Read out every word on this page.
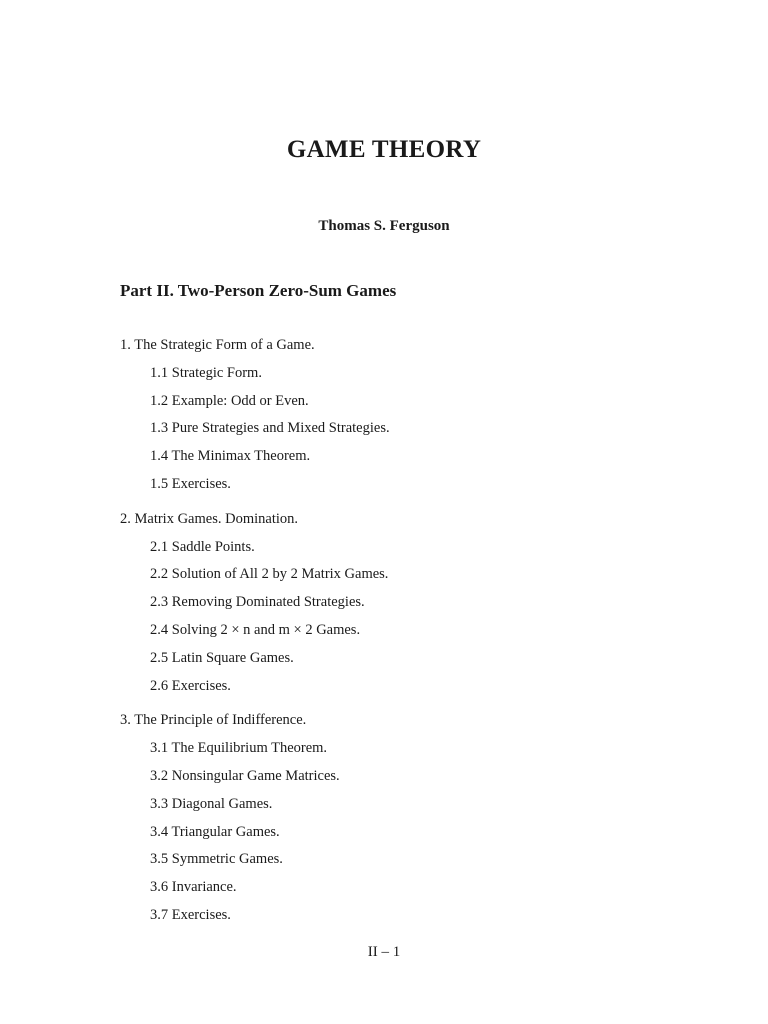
GAME THEORY
Thomas S. Ferguson
Part II. Two-Person Zero-Sum Games
1. The Strategic Form of a Game.
1.1 Strategic Form.
1.2 Example: Odd or Even.
1.3 Pure Strategies and Mixed Strategies.
1.4 The Minimax Theorem.
1.5 Exercises.
2. Matrix Games. Domination.
2.1 Saddle Points.
2.2 Solution of All 2 by 2 Matrix Games.
2.3 Removing Dominated Strategies.
2.4 Solving 2 × n and m × 2 Games.
2.5 Latin Square Games.
2.6 Exercises.
3. The Principle of Indifference.
3.1 The Equilibrium Theorem.
3.2 Nonsingular Game Matrices.
3.3 Diagonal Games.
3.4 Triangular Games.
3.5 Symmetric Games.
3.6 Invariance.
3.7 Exercises.
II – 1
